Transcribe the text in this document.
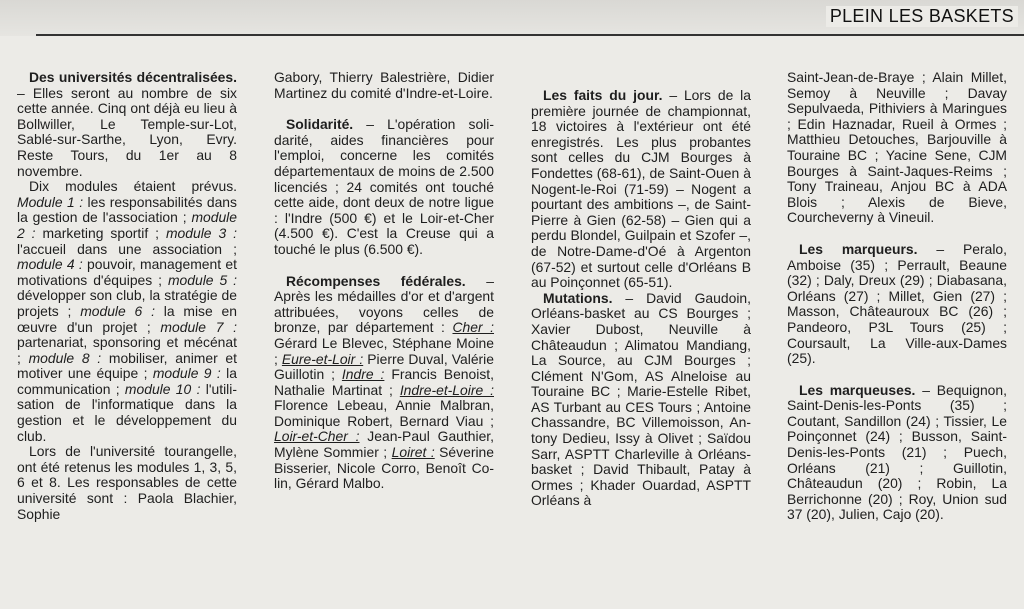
PLEIN LES BASKETS

Des universités décentralisées. – Elles seront au nombre de six cette année. Cinq ont déjà eu lieu à Bollwiller, Le Temple-sur-Lot, Sablé-sur-Sarthe, Lyon, Evry. Reste Tours, du 1er au 8 novembre.

Dix modules étaient prévus. Module 1 : les responsabilités dans la gestion de l'association ; module 2 : marketing sportif ; module 3 : l'accueil dans une association ; module 4 : pouvoir, management et motivations d'équipes ; module 5 : développer son club, la stratégie de projets ; module 6 : la mise en œuvre d'un projet ; module 7 : partenariat, sponsoring et mécénat ; module 8 : mobiliser, animer et motiver une équipe ; module 9 : la communication ; module 10 : l'utilisation de l'informatique dans la gestion et le développement du club.

Lors de l'université tourangelle, ont été retenus les modules 1, 3, 5, 6 et 8. Les responsables de cette université sont : Paola Blachier, Sophie

Gabory, Thierry Balestrière, Didier Martinez du comité d'Indre-et-Loire.

Solidarité. – L'opération solidarité, aides financières pour l'emploi, concerne les comités départementaux de moins de 2.500 licenciés ; 24 comités ont touché cette aide, dont deux de notre ligue : l'Indre (500 €) et le Loir-et-Cher (4.500 €). C'est la Creuse qui a touché le plus (6.500 €).

Récompenses fédérales. – Après les médailles d'or et d'argent attribuées, voyons celles de bronze, par département : Cher : Gérard Le Blevec, Stéphane Moine ; Eure-et-Loir : Pierre Duval, Valérie Guillotin ; Indre : Francis Benoist, Nathalie Martinat ; Indre-et-Loire : Florence Lebeau, Annie Malbran, Dominique Robert, Bernard Viau ; Loir-et-Cher : Jean-Paul Gauthier, Mylène Sommier ; Loiret : Séverine Bisserier, Nicole Corro, Benoît Colin, Gérard Malbo.

Les faits du jour. – Lors de la première journée de championnat, 18 victoires à l'extérieur ont été enregistrés. Les plus probantes sont celles du CJM Bourges à Fondettes (68-61), de Saint-Ouen à Nogent-le-Roi (71-59) – Nogent a pourtant des ambitions –, de Saint-Pierre à Gien (62-58) – Gien qui a perdu Blondel, Guilpain et Szofer –, de Notre-Dame-d'Oé à Argenton (67-52) et surtout celle d'Orléans B au Poinçonnet (65-51).

Mutations. – David Gaudoin, Orléans-basket au CS Bourges ; Xavier Dubost, Neuville à Châteaudun ; Alimatou Mandiang, La Source, au CJM Bourges ; Clément N'Gom, AS Alneloise au Touraine BC ; Marie-Estelle Ribet, AS Turbant au CES Tours ; Antoine Chassandre, BC Villemoisson, Antony Dedieu, Issy à Olivet ; Saïdou Sarr, ASPTT Charleville à Orléans-basket ; David Thibault, Patay à Ormes ; Khader Ouardad, ASPTT Orléans à

Saint-Jean-de-Braye ; Alain Millet, Semoy à Neuville ; Davay Sepulvaeda, Pithiviers à Maringues ; Edin Haznadar, Rueil à Ormes ; Matthieu Detouches, Barjouville à Touraine BC ; Yacine Sene, CJM Bourges à Saint-Jaques-Reims ; Tony Traineau, Anjou BC à ADA Blois ; Alexis de Bieve, Courcheverny à Vineuil.

Les marqueurs. – Peralo, Amboise (35) ; Perrault, Beaune (32) ; Daly, Dreux (29) ; Diabasana, Orléans (27) ; Millet, Gien (27) ; Masson, Châteauroux BC (26) ; Pandeoro, P3L Tours (25) ; Coursault, La Ville-aux-Dames (25).

Les marqueuses. – Bequignon, Saint-Denis-les-Ponts (35) ; Coutant, Sandillon (24) ; Tissier, Le Poinçonnet (24) ; Busson, Saint-Denis-les-Ponts (21) ; Puech, Orléans (21) ; Guillotin, Châteaudun (20) ; Robin, La Berrichonne (20) ; Roy, Union sud 37 (20), Julien, Cajo (20).
